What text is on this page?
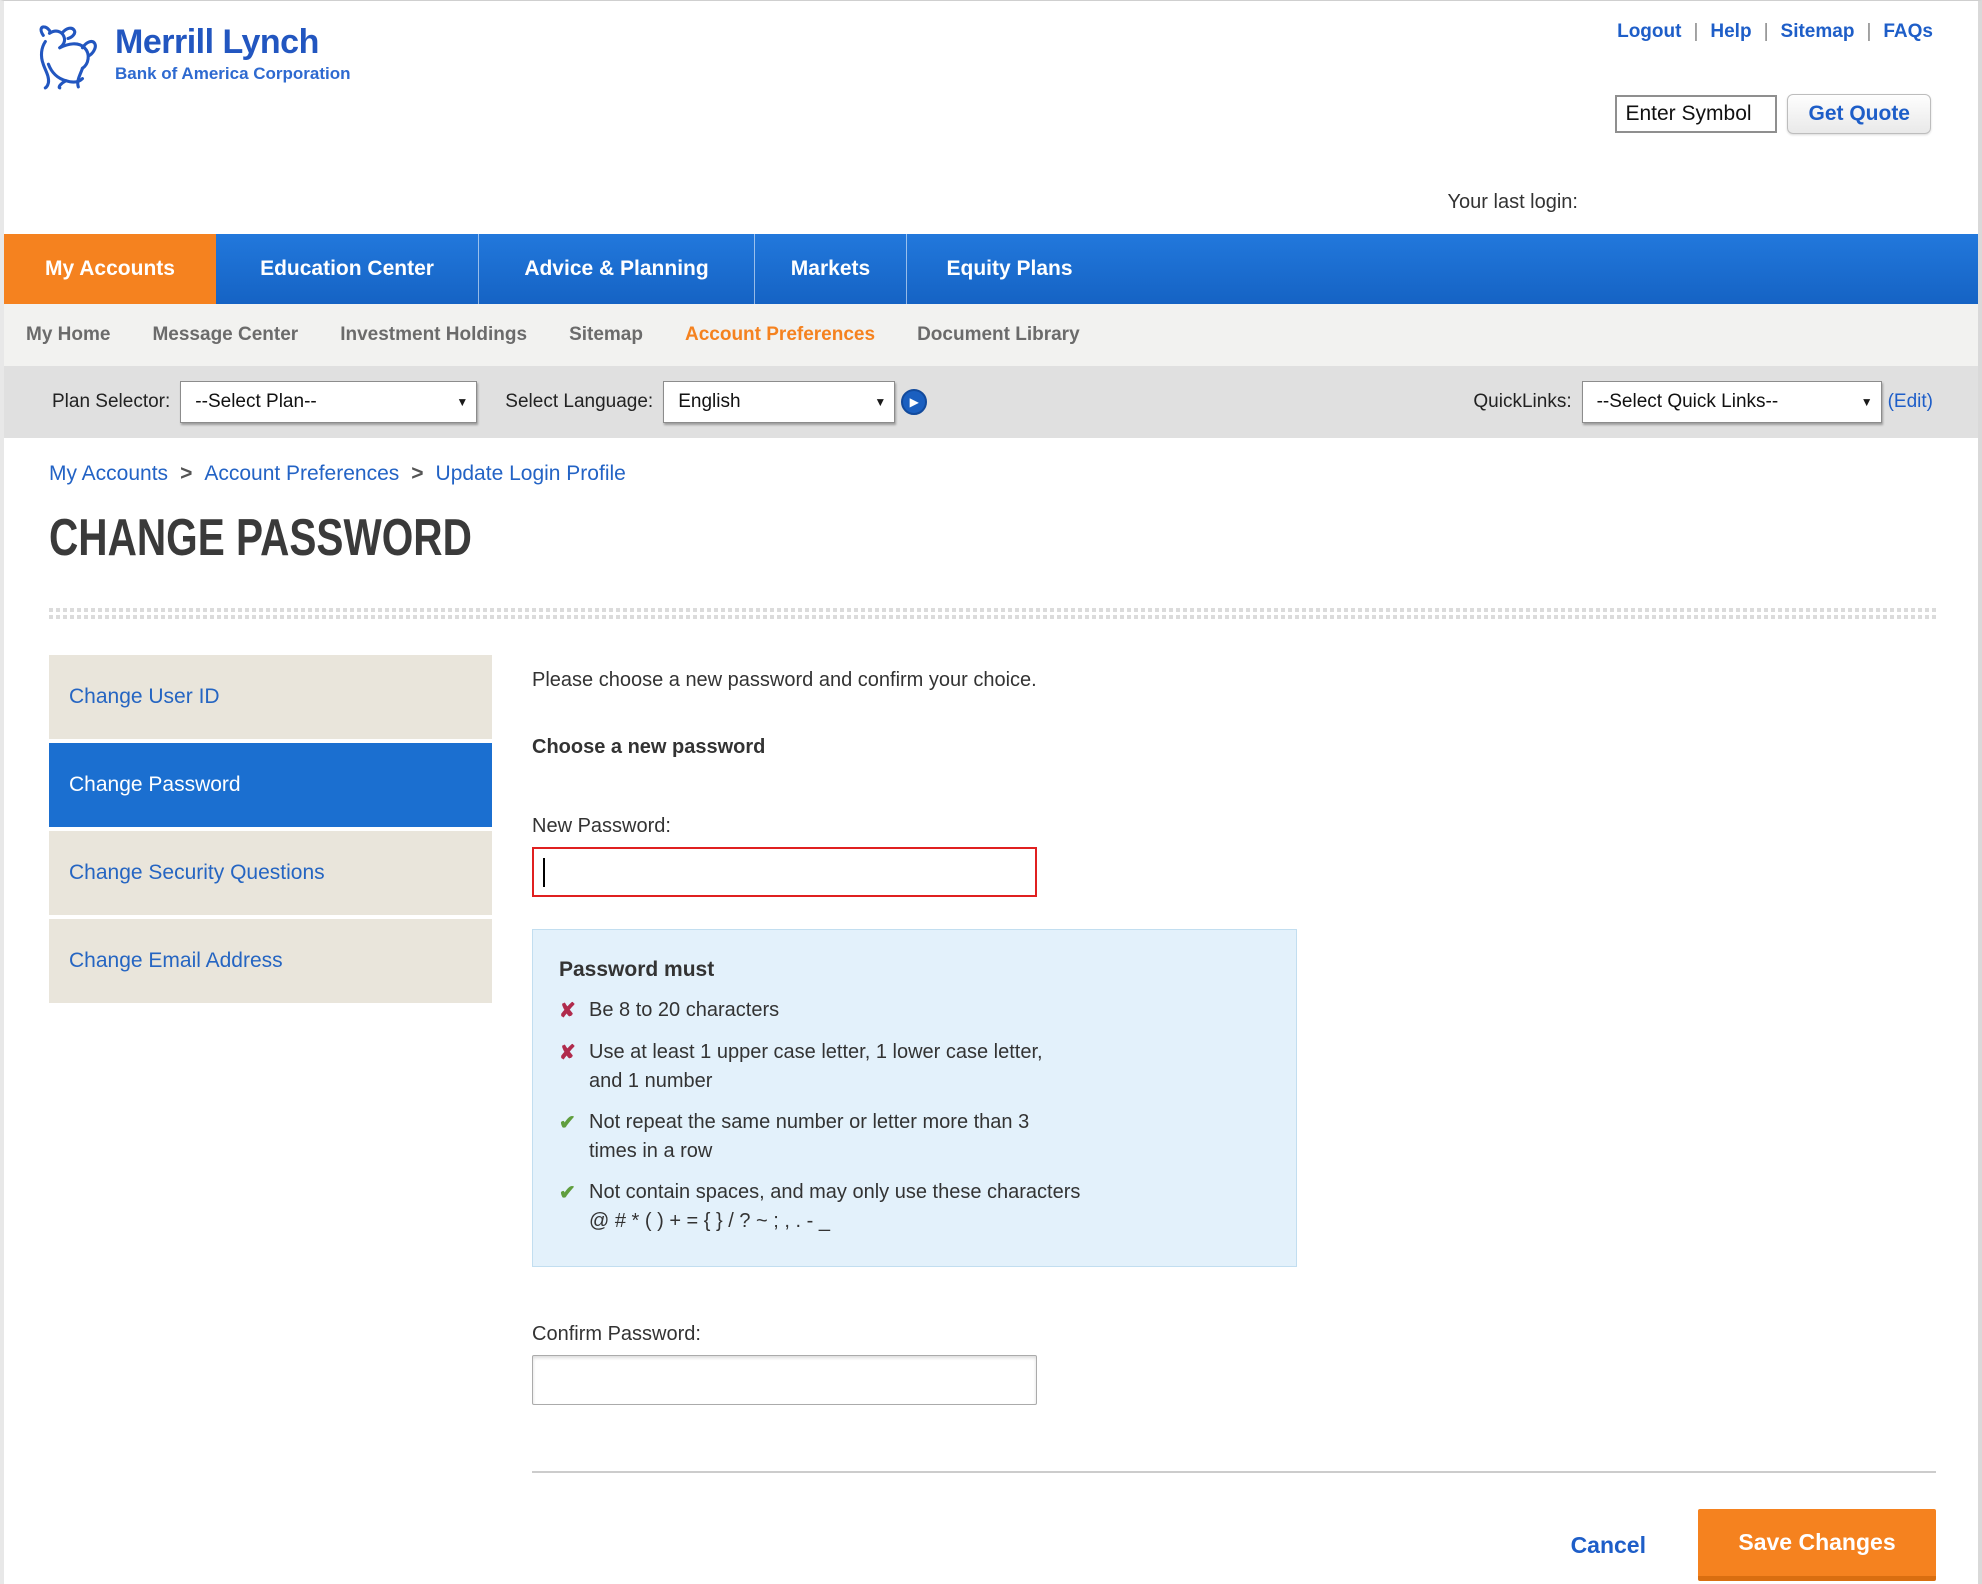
Merrill Lynch
Bank of America Corporation
Logout | Help | Sitemap | FAQs
Enter Symbol
Get Quote
Your last login:
My Accounts	Education Center	Advice & Planning	Markets	Equity Plans
My Home Message Center Investment Holdings Sitemap Account Preferences Document Library
Plan Selector:	--Select Plan--	▼ Select Language:	English	▼ ▶	QuickLinks:	--Select Quick Links--	▼ (Edit)
My Accounts > Account Preferences > Update Login Profile
CHANGE PASSWORD
Change User ID
Change Password
Change Security Questions
Change Email Address
Please choose a new password and confirm your choice.
Choose a new password
New Password:
Password must
✘ Be 8 to 20 characters
✘ Use at least 1 upper case letter, 1 lower case letter,
and 1 number
✔ Not repeat the same number or letter more than 3
times in a row
✔ Not contain spaces, and may only use these characters
@ # * ( ) + = { } / ? ~ ; , . - _
Confirm Password:
Cancel	Save Changes
